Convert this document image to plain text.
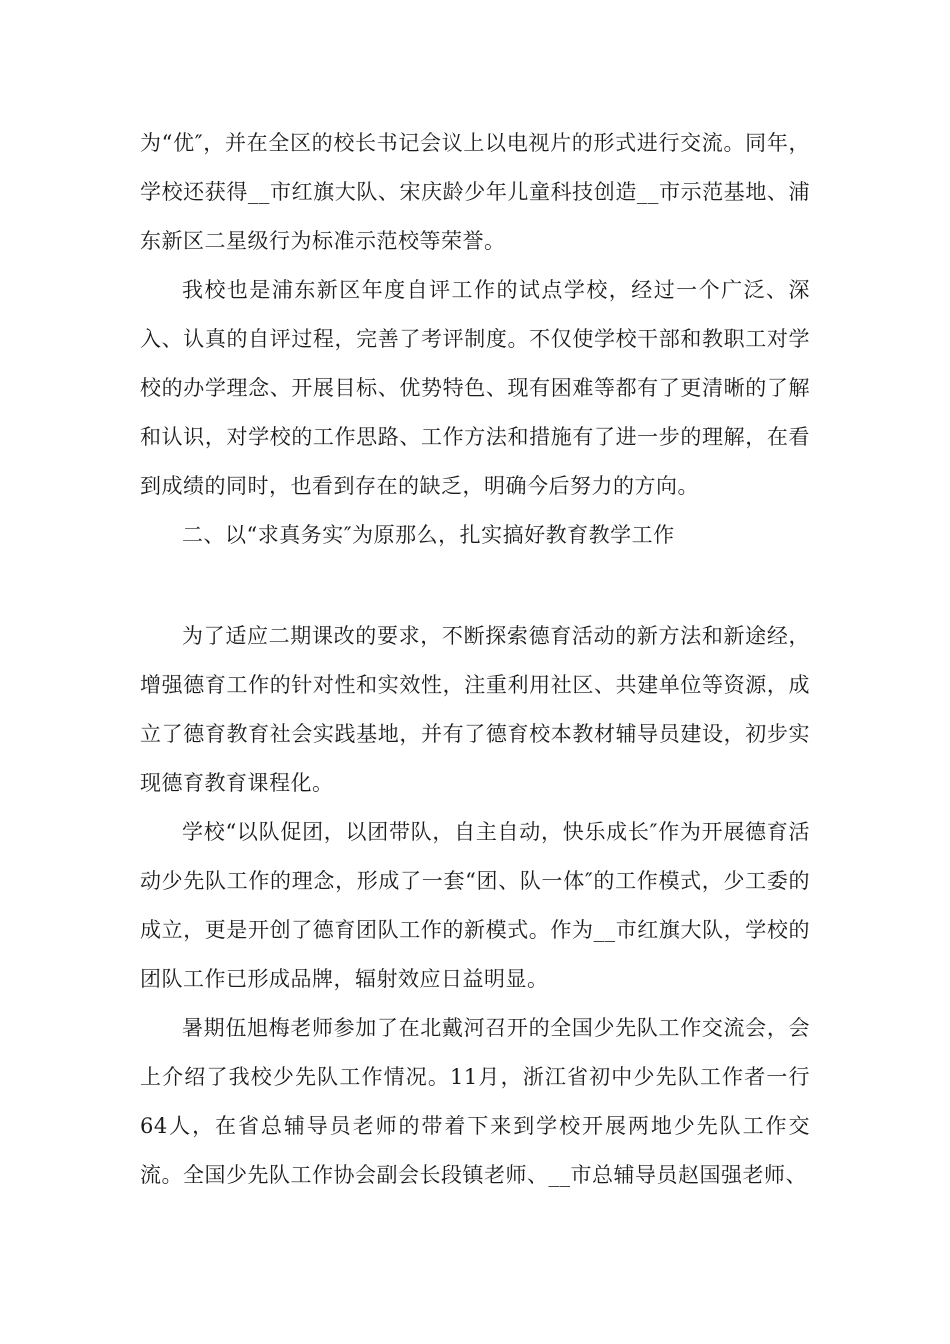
为“优″，并在全区的校长书记会议上以电视片的形式进行交流。同年，学校还获得__市红旗大队、宋庆龄少年儿童科技创造__市示范基地、浦东新区二星级行为标准示范校等荣誉。

我校也是浦东新区年度自评工作的试点学校，经过一个广泛、深入、认真的自评过程，完善了考评制度。不仅使学校干部和教职工对学校的办学理念、开展目标、优势特色、现有困难等都有了更清晰的了解和认识，对学校的工作思路、工作方法和措施有了进一步的理解，在看到成绩的同时，也看到存在的缺乏，明确今后努力的方向。

二、以“求真务实″为原那么，扎实搞好教育教学工作

为了适应二期课改的要求，不断探索德育活动的新方法和新途经，增强德育工作的针对性和实效性，注重利用社区、共建单位等资源，成立了德育教育社会实践基地，并有了德育校本教材辅导员建设，初步实现德育教育课程化。

学校“以队促团，以团带队，自主自动，快乐成长″作为开展德育活动少先队工作的理念，形成了一套“团、队一体″的工作模式，少工委的成立，更是开创了德育团队工作的新模式。作为__市红旗大队，学校的团队工作已形成品牌，辐射效应日益明显。

暑期伍旭梅老师参加了在北戴河召开的全国少先队工作交流会，会上介绍了我校少先队工作情况。11月，浙江省初中少先队工作者一行64人，在省总辅导员老师的带着下来到学校开展两地少先队工作交流。全国少先队工作协会副会长段镇老师、__市总辅导员赵国强老师、
